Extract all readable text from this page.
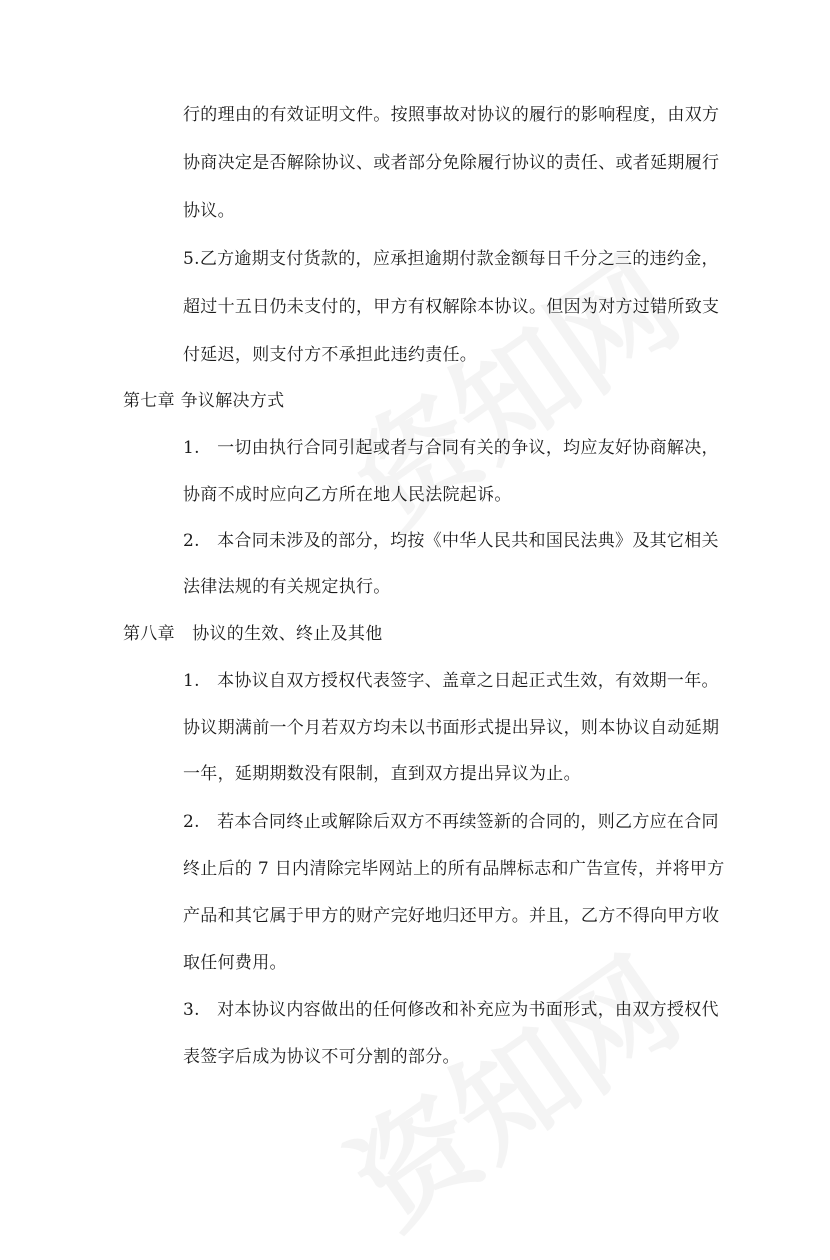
行的理由的有效证明文件。按照事故对协议的履行的影响程度，由双方
协商决定是否解除协议、或者部分免除履行协议的责任、或者延期履行
协议。
5.乙方逾期支付货款的，应承担逾期付款金额每日千分之三的违约金，
超过十五日仍未支付的，甲方有权解除本协议。但因为对方过错所致支
付延迟，则支付方不承担此违约责任。
第七章 争议解决方式
1.　一切由执行合同引起或者与合同有关的争议，均应友好协商解决，
协商不成时应向乙方所在地人民法院起诉。
2.　本合同未涉及的部分，均按《中华人民共和国民法典》及其它相关
法律法规的有关规定执行。
第八章　协议的生效、终止及其他
1.　本协议自双方授权代表签字、盖章之日起正式生效，有效期一年。
协议期满前一个月若双方均未以书面形式提出异议，则本协议自动延期
一年，延期期数没有限制，直到双方提出异议为止。
2.　若本合同终止或解除后双方不再续签新的合同的，则乙方应在合同
终止后的 7 日内清除完毕网站上的所有品牌标志和广告宣传，并将甲方
产品和其它属于甲方的财产完好地归还甲方。并且，乙方不得向甲方收
取任何费用。
3.　对本协议内容做出的任何修改和补充应为书面形式，由双方授权代
表签字后成为协议不可分割的部分。
